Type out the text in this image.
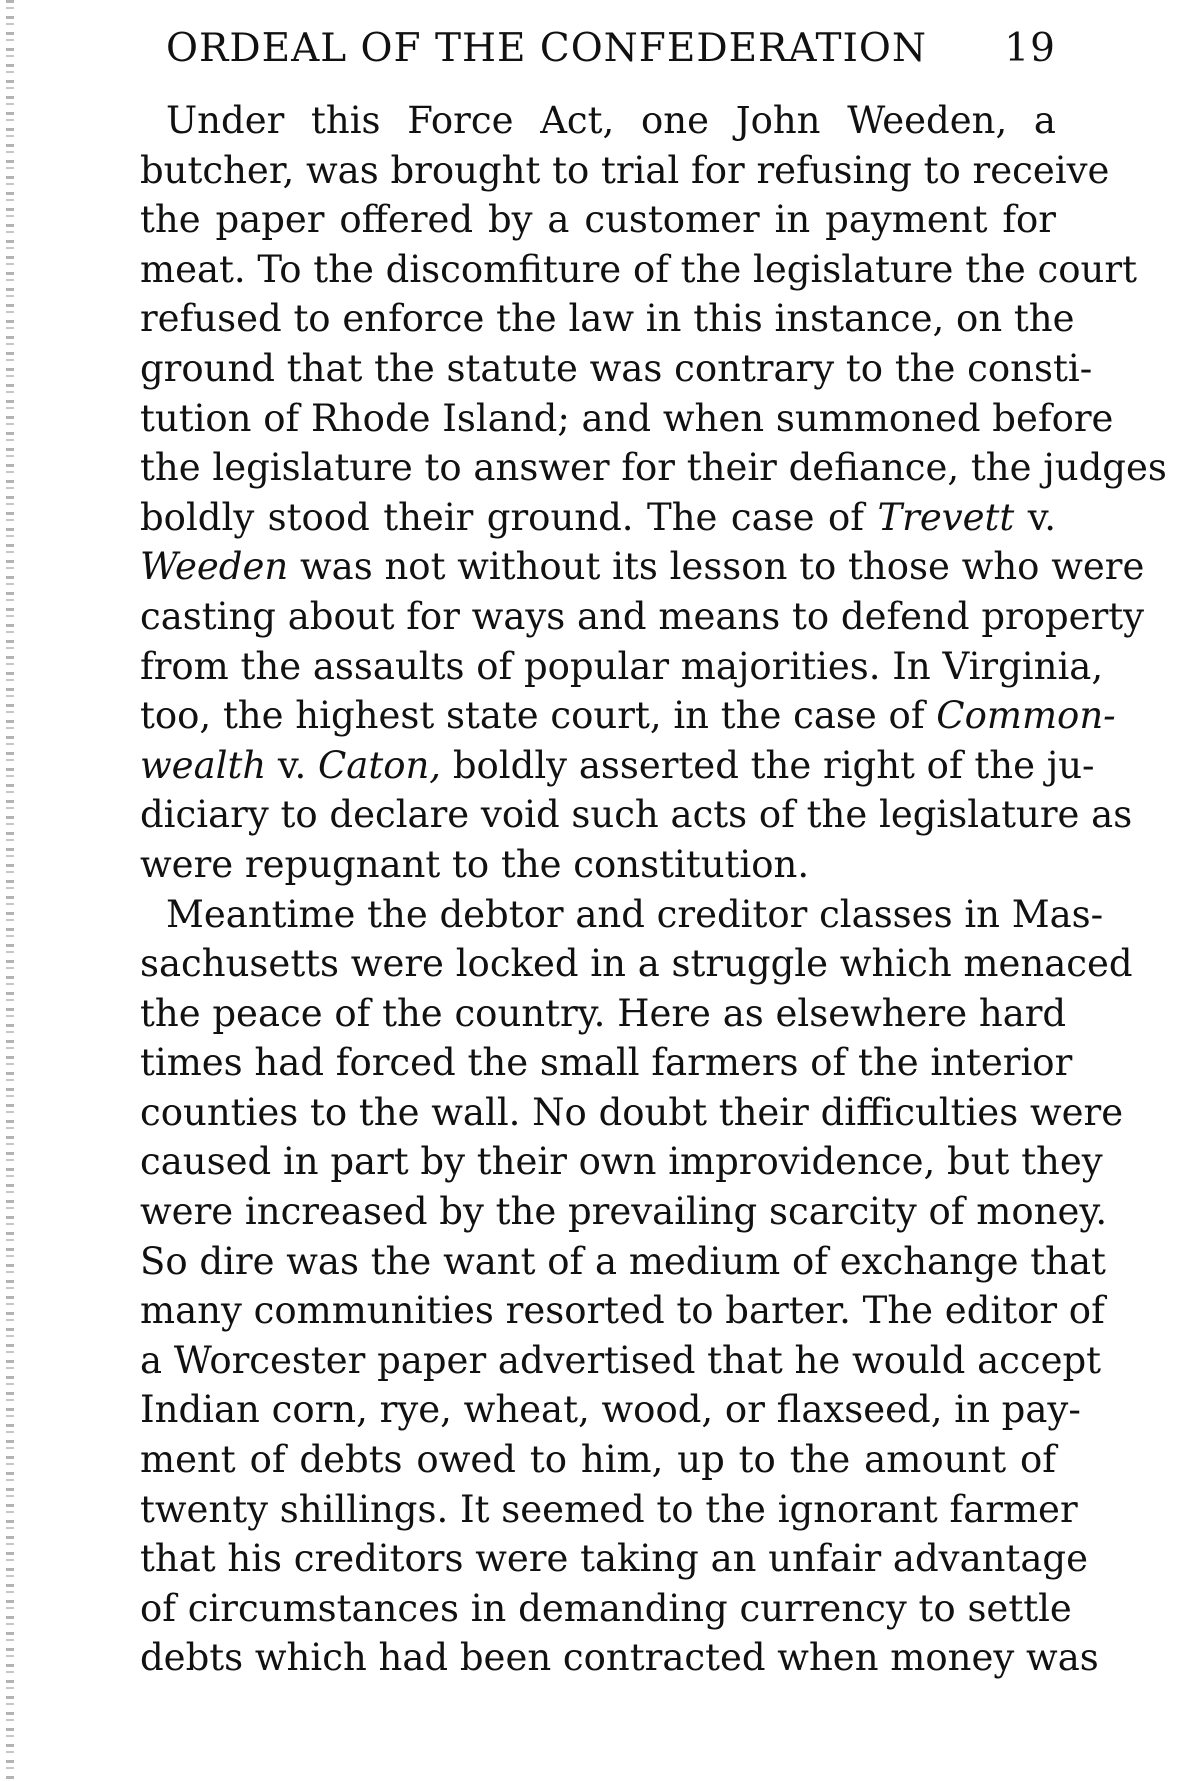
ORDEAL OF THE CONFEDERATION 19
Under this Force Act, one John Weeden, a
butcher, was brought to trial for refusing to receive
the paper offered by a customer in payment for
meat. To the discomfiture of the legislature the court
refused to enforce the law in this instance, on the
ground that the statute was contrary to the consti-
tution of Rhode Island; and when summoned before
the legislature to answer for their defiance, the judges
boldly stood their ground. The case of Trevett v.
Weeden was not without its lesson to those who were
casting about for ways and means to defend property
from the assaults of popular majorities. In Virginia,
too, the highest state court, in the case of Common-
wealth v. Caton, boldly asserted the right of the ju-
diciary to declare void such acts of the legislature as
were repugnant to the constitution.
Meantime the debtor and creditor classes in Mas-
sachusetts were locked in a struggle which menaced
the peace of the country. Here as elsewhere hard
times had forced the small farmers of the interior
counties to the wall. No doubt their difficulties were
caused in part by their own improvidence, but they
were increased by the prevailing scarcity of money.
So dire was the want of a medium of exchange that
many communities resorted to barter. The editor of
a Worcester paper advertised that he would accept
Indian corn, rye, wheat, wood, or flaxseed, in pay-
ment of debts owed to him, up to the amount of
twenty shillings. It seemed to the ignorant farmer
that his creditors were taking an unfair advantage
of circumstances in demanding currency to settle
debts which had been contracted when money was
